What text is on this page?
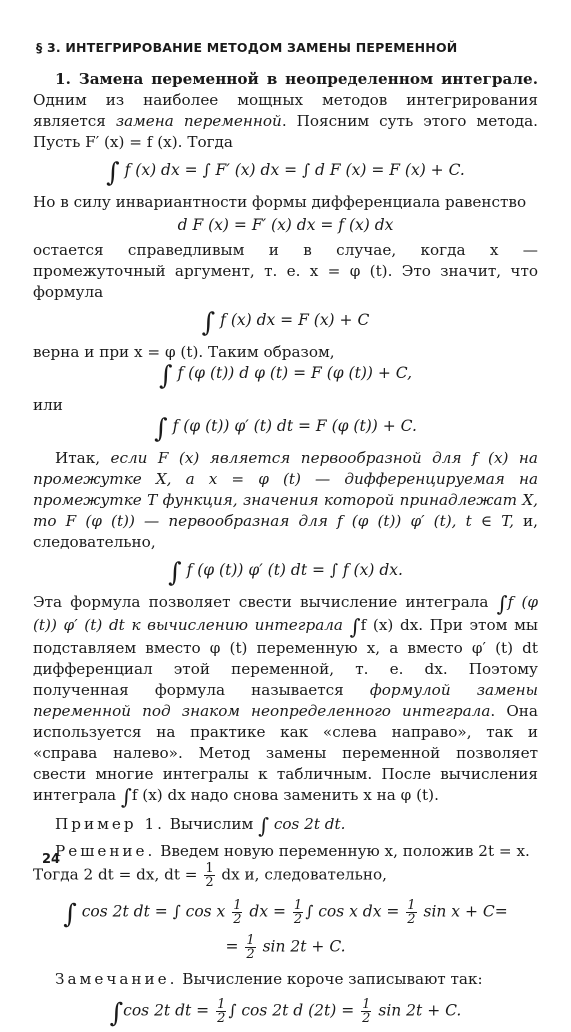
§ 3. ИНТЕГРИРОВАНИЕ МЕТОДОМ ЗАМЕНЫ ПЕРЕМЕННОЙ

1. Замена переменной в неопределенном интеграле. Одним из наиболее мощных методов интегрирования является замена переменной. Поясним суть этого метода. Пусть F′ (x) = f (x). Тогда

∫ f (x) dx = ∫ F′ (x) dx = ∫ d F (x) = F (x) + C.

Но в силу инвариантности формы дифференциала равенство

d F (x) = F′ (x) dx = f (x) dx

остается справедливым и в случае, когда x — промежуточный аргумент, т. е. x = φ (t). Это значит, что формула

∫ f (x) dx = F (x) + C

верна и при x = φ (t). Таким образом,

∫ f (φ (t)) d φ (t) = F (φ (t)) + C,

или

∫ f (φ (t)) φ′ (t) dt = F (φ (t)) + C.

Итак, если F (x) является первообразной для f (x) на промежутке X, а x = φ (t) — дифференцируемая на промежутке T функция, значения которой принадлежат X, то F (φ (t)) — первообразная для f (φ (t)) φ′ (t), t ∈ T, и, следовательно,

∫ f (φ (t)) φ′ (t) dt = ∫ f (x) dx.

Эта формула позволяет свести вычисление интеграла ∫f (φ (t)) φ′ (t) dt к вычислению интеграла ∫f (x) dx. При этом мы подставляем вместо φ (t) переменную x, а вместо φ′ (t) dt дифференциал этой переменной, т. е. dx. Поэтому полученная формула называется формулой замены переменной под знаком неопределенного интеграла. Она используется на практике как «слева направо», так и «справа налево». Метод замены переменной позволяет свести многие интегралы к табличным. После вычисления интеграла ∫f (x) dx надо снова заменить x на φ (t).

Пример 1. Вычислим ∫ cos 2t dt.

Решение. Введем новую переменную x, положив 2t = x.

Тогда 2 dt = dx, dt = $\frac{1}{2}$ dx и, следовательно,

∫ cos 2t dt = ∫ cos x $\frac{1}{2}$ dx = $\frac{1}{2}$ ∫ cos x dx = $\frac{1}{2}$ sin x + C=
= $\frac{1}{2}$ sin 2t + C.

Замечание. Вычисление короче записывают так:

∫cos 2t dt = $\frac{1}{2}$ ∫ cos 2t d $(2t) = \frac{1}{2}$ sin 2t + C.
24
